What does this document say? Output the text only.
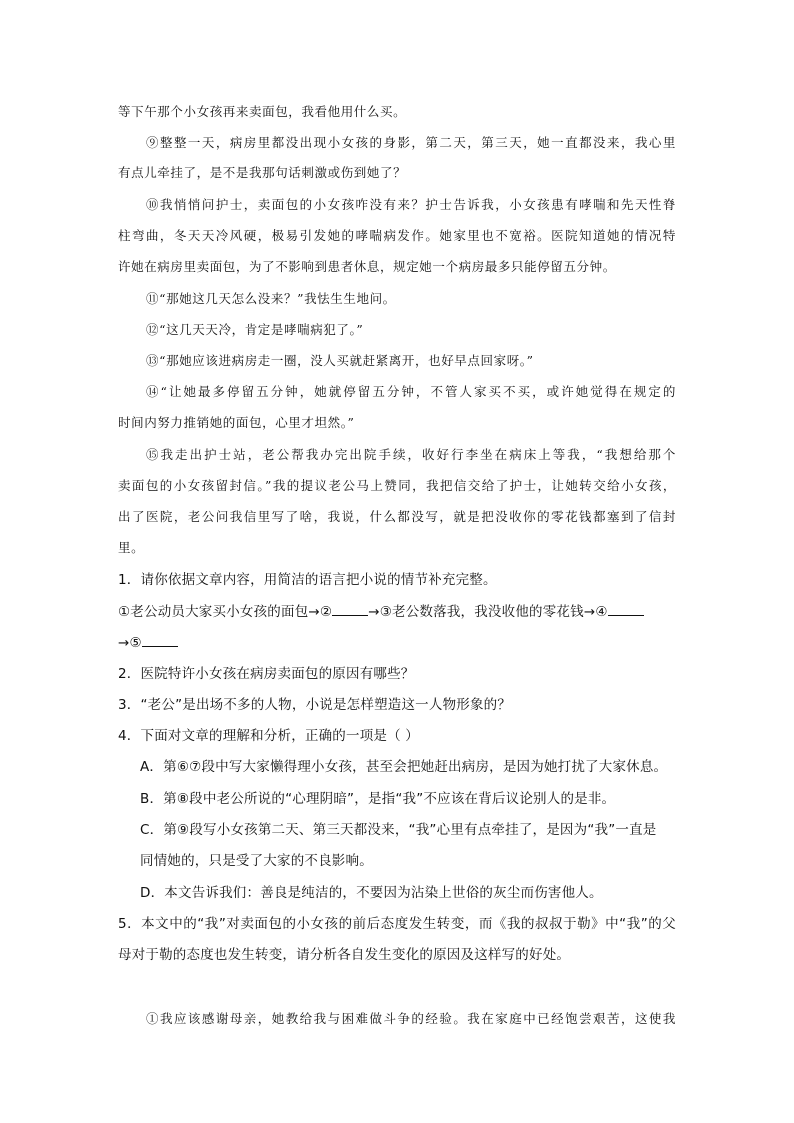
等下午那个小女孩再来卖面包，我看他用什么买。
⑨整整一天，病房里都没出现小女孩的身影，第二天，第三天，她一直都没来，我心里
有点儿牵挂了，是不是我那句话刺激或伤到她了？
⑩我悄悄问护士，卖面包的小女孩咋没有来？护士告诉我，小女孩患有哮喘和先天性脊
柱弯曲，冬天天冷风硬，极易引发她的哮喘病发作。她家里也不宽裕。医院知道她的情况特
许她在病房里卖面包，为了不影响到患者休息，规定她一个病房最多只能停留五分钟。
⑪“那她这几天怎么没来？”我怯生生地问。
⑫“这几天天冷，肯定是哮喘病犯了。”
⑬“那她应该进病房走一圈，没人买就赶紧离开，也好早点回家呀。”
⑭“让她最多停留五分钟，她就停留五分钟，不管人家买不买，或许她觉得在规定的
时间内努力推销她的面包，心里才坦然。”
⑮我走出护士站，老公帮我办完出院手续，收好行李坐在病床上等我，“我想给那个
卖面包的小女孩留封信。”我的提议老公马上赞同，我把信交给了护士，让她转交给小女孩，
出了医院，老公问我信里写了啥，我说，什么都没写，就是把没收你的零花钱都塞到了信封
里。
1．请你依据文章内容，用简洁的语言把小说的情节补充完整。
①老公动员大家买小女孩的面包→②	→③老公数落我，我没收他的零花钱→④
→⑤
2．医院特许小女孩在病房卖面包的原因有哪些？
3．“老公”是出场不多的人物，小说是怎样塑造这一人物形象的？
4．下面对文章的理解和分析，正确的一项是（ ）
A．第⑥⑦段中写大家懒得理小女孩，甚至会把她赶出病房，是因为她打扰了大家休息。
B．第⑧段中老公所说的“心理阴暗”，是指“我”不应该在背后议论别人的是非。
C．第⑨段写小女孩第二天、第三天都没来，“我”心里有点牵挂了，是因为“我”一直是
同情她的，只是受了大家的不良影响。
D．本文告诉我们：善良是纯洁的，不要因为沾染上世俗的灰尘而伤害他人。
5．本文中的“我”对卖面包的小女孩的前后态度发生转变，而《我的叔叔于勒》中“我”的父
母对于勒的态度也发生转变，请分析各自发生变化的原因及这样写的好处。
①我应该感谢母亲，她教给我与困难做斗争的经验。我在家庭中已经饱尝艰苦，这使我
